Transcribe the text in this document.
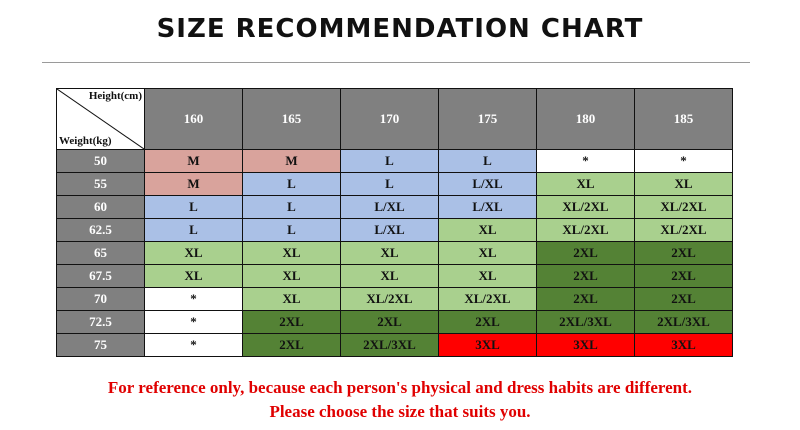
SIZE RECOMMENDATION CHART
Height(cm)
Weight(kg)	160	165	170	175	180	185
50	M	M	L	L	*	*
55	M	L	L	L/XL	XL	XL
60	L	L	L/XL	L/XL	XL/2XL	XL/2XL
62.5	L	L	L/XL	XL	XL/2XL	XL/2XL
65	XL	XL	XL	XL	2XL	2XL
67.5	XL	XL	XL	XL	2XL	2XL
70	*	XL	XL/2XL	XL/2XL	2XL	2XL
72.5	*	2XL	2XL	2XL	2XL/3XL	2XL/3XL
75	*	2XL	2XL/3XL	3XL	3XL	3XL
For reference only, because each person's physical and dress habits are different.
Please choose the size that suits you.
